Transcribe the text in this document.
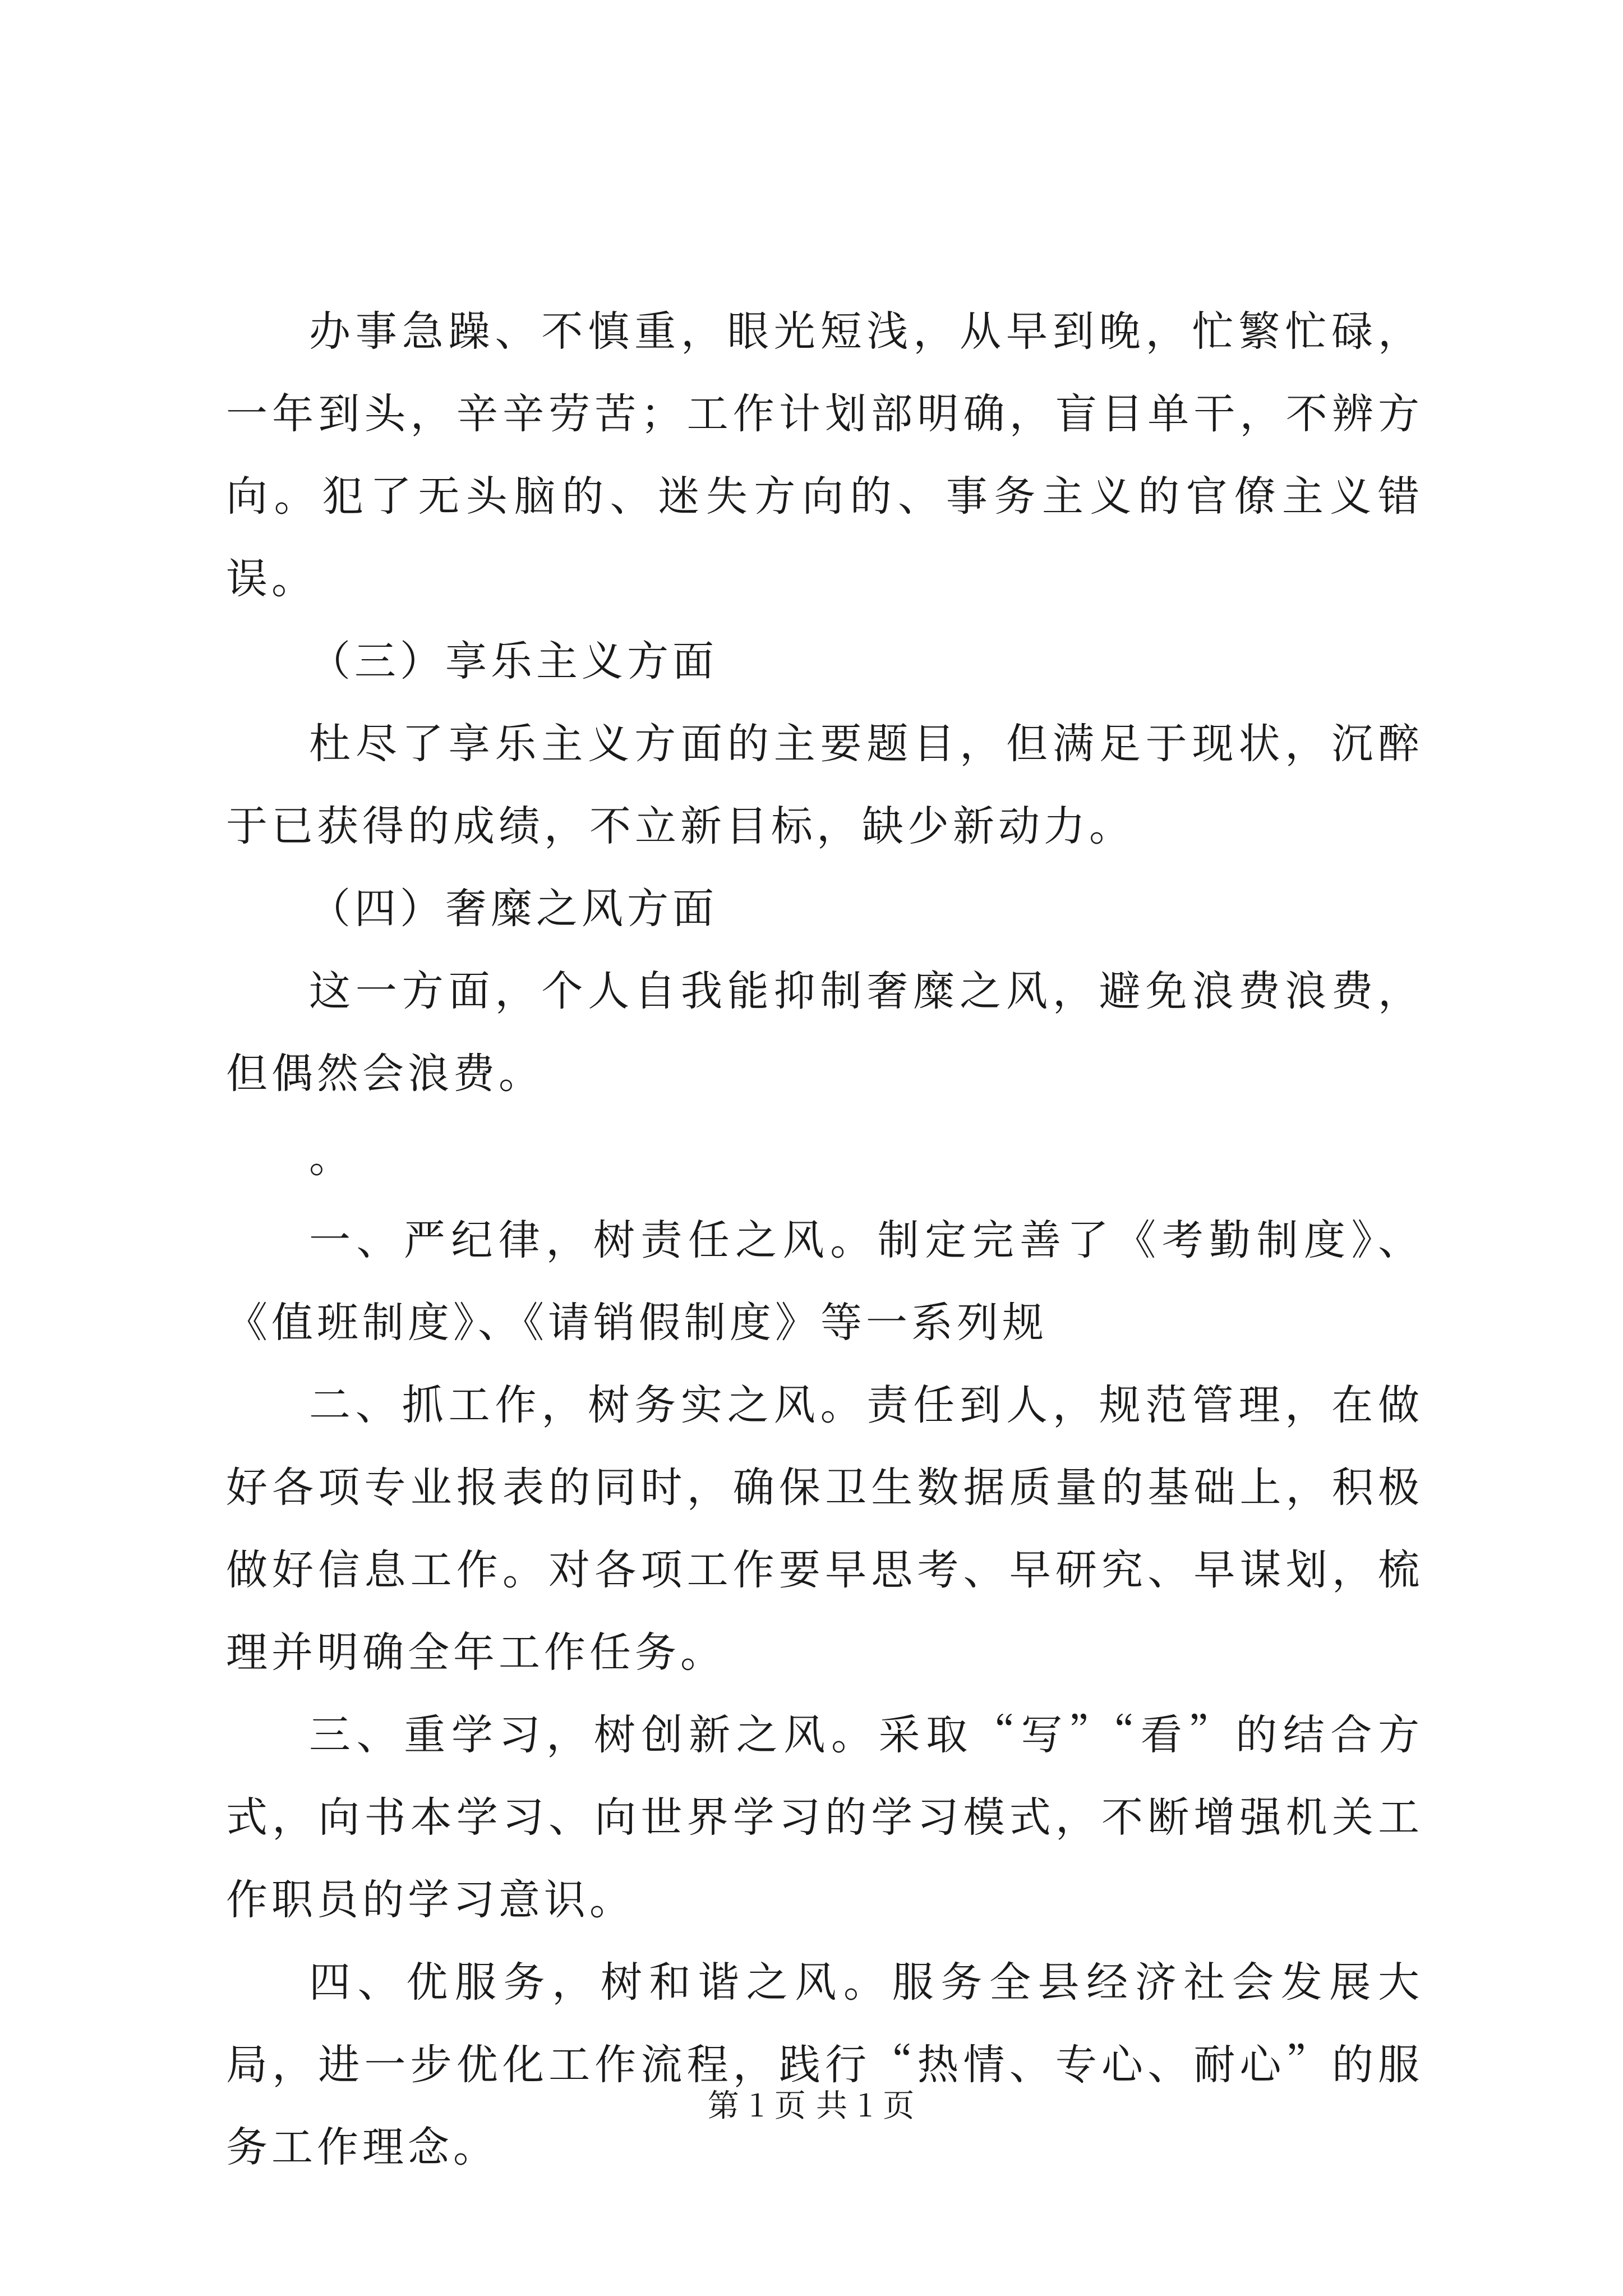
办事急躁、不慎重，眼光短浅，从早到晚，忙繁忙碌，一年到头，辛辛劳苦；工作计划部明确，盲目单干，不辨方向。犯了无头脑的、迷失方向的、事务主义的官僚主义错误。

（三）享乐主义方面

杜尽了享乐主义方面的主要题目，但满足于现状，沉醉于已获得的成绩，不立新目标，缺少新动力。

（四）奢糜之风方面

这一方面，个人自我能抑制奢糜之风，避免浪费浪费，但偶然会浪费。

。

一、严纪律，树责任之风。制定完善了《考勤制度》、《值班制度》、《请销假制度》等一系列规

二、抓工作，树务实之风。责任到人，规范管理，在做好各项专业报表的同时，确保卫生数据质量的基础上，积极做好信息工作。对各项工作要早思考、早研究、早谋划，梳理并明确全年工作任务。

三、重学习，树创新之风。采取“写”“看”的结合方式，向书本学习、向世界学习的学习模式，不断增强机关工作职员的学习意识。

四、优服务，树和谐之风。服务全县经济社会发展大局，进一步优化工作流程，践行“热情、专心、耐心”的服务工作理念。

第 1 页 共 1 页
